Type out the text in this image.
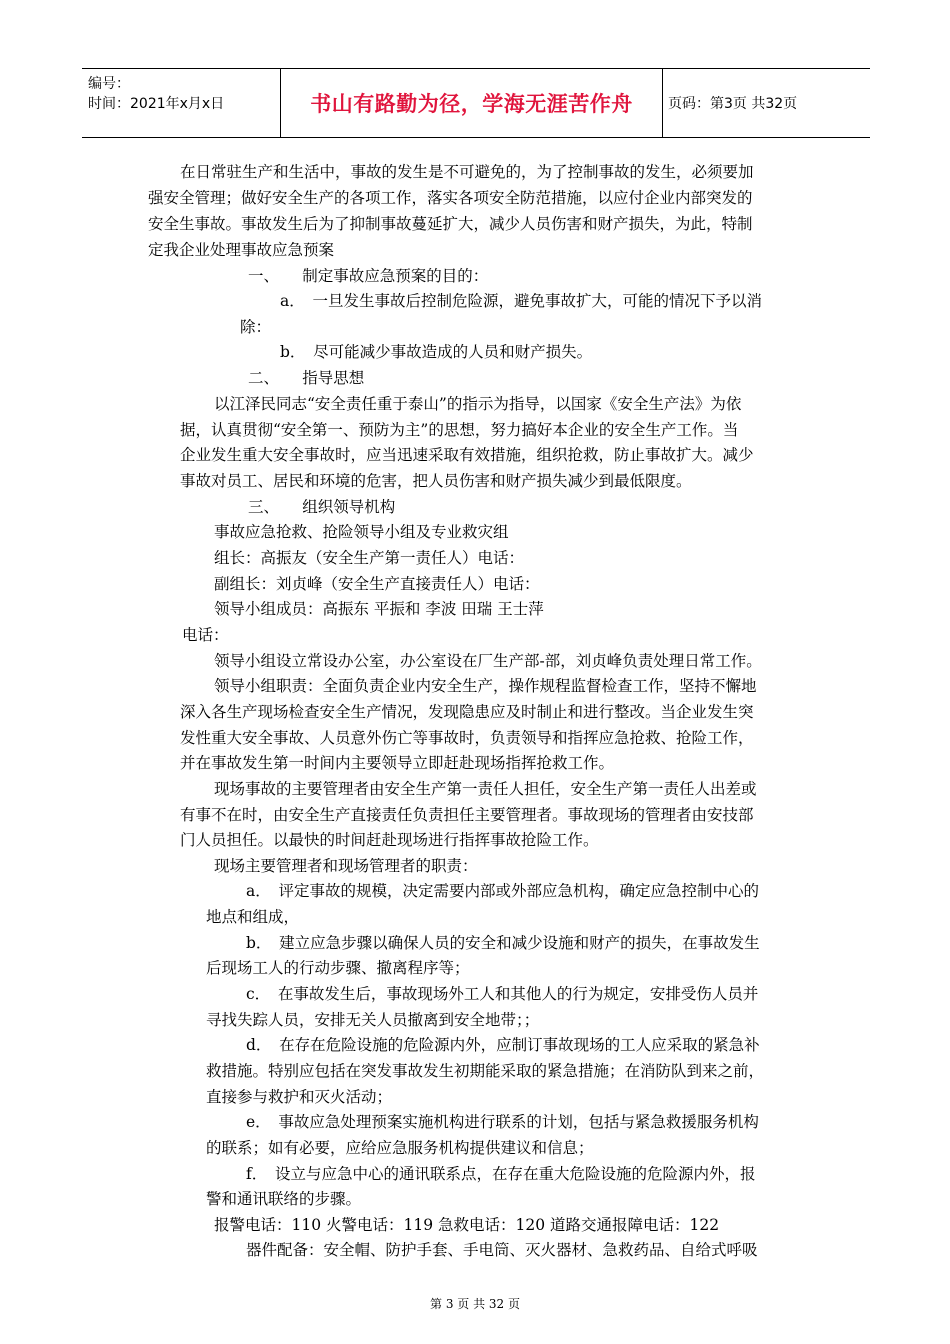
编号：
时间：2021年x月x日	书山有路勤为径，学海无涯苦作舟	页码：第3页 共32页
在日常驻生产和生活中，事故的发生是不可避免的，为了控制事故的发生，必须要加
强安全管理；做好安全生产的各项工作，落实各项安全防范措施，以应付企业内部突发的
安全生事故。事故发生后为了抑制事故蔓延扩大，减少人员伤害和财产损失，为此，特制
定我企业处理事故应急预案
一、　　制定事故应急预案的目的：
a．　一旦发生事故后控制危险源，避免事故扩大，可能的情况下予以消
除：
b．　尽可能减少事故造成的人员和财产损失。
二、　　指导思想
以江泽民同志“安全责任重于泰山”的指示为指导，以国家《安全生产法》为依
据，认真贯彻“安全第一、预防为主”的思想，努力搞好本企业的安全生产工作。当
企业发生重大安全事故时，应当迅速采取有效措施，组织抢救，防止事故扩大。减少
事故对员工、居民和环境的危害，把人员伤害和财产损失减少到最低限度。
三、　　组织领导机构
事故应急抢救、抢险领导小组及专业救灾组
组长：高振友（安全生产第一责任人）电话：
副组长：刘贞峰（安全生产直接责任人）电话：
领导小组成员：高振东 平振和 李波 田瑞 王士萍
电话：
领导小组设立常设办公室，办公室设在厂生产部-部，刘贞峰负责处理日常工作。
领导小组职责：全面负责企业内安全生产，操作规程监督检查工作，坚持不懈地
深入各生产现场检查安全生产情况，发现隐患应及时制止和进行整改。当企业发生突
发性重大安全事故、人员意外伤亡等事故时，负责领导和指挥应急抢救、抢险工作，
并在事故发生第一时间内主要领导立即赶赴现场指挥抢救工作。
现场事故的主要管理者由安全生产第一责任人担任，安全生产第一责任人出差或
有事不在时，由安全生产直接责任负责担任主要管理者。事故现场的管理者由安技部
门人员担任。以最快的时间赶赴现场进行指挥事故抢险工作。
现场主要管理者和现场管理者的职责：
a．　评定事故的规模，决定需要内部或外部应急机构，确定应急控制中心的
地点和组成，
b．　建立应急步骤以确保人员的安全和减少设施和财产的损失，在事故发生
后现场工人的行动步骤、撤离程序等；
c．　在事故发生后，事故现场外工人和其他人的行为规定，安排受伤人员并
寻找失踪人员，安排无关人员撤离到安全地带；；
d．　在存在危险设施的危险源内外，应制订事故现场的工人应采取的紧急补
救措施。特别应包括在突发事故发生初期能采取的紧急措施；在消防队到来之前，
直接参与救护和灭火活动；
e．　事故应急处理预案实施机构进行联系的计划，包括与紧急救援服务机构
的联系；如有必要，应给应急服务机构提供建议和信息；
f．　设立与应急中心的通讯联系点，在存在重大危险设施的危险源内外，报
警和通讯联络的步骤。
报警电话：110 火警电话：119 急救电话：120 道路交通报障电话：122
器件配备：安全帽、防护手套、手电筒、灭火器材、急救药品、自给式呼吸
第 3 页 共 32 页
